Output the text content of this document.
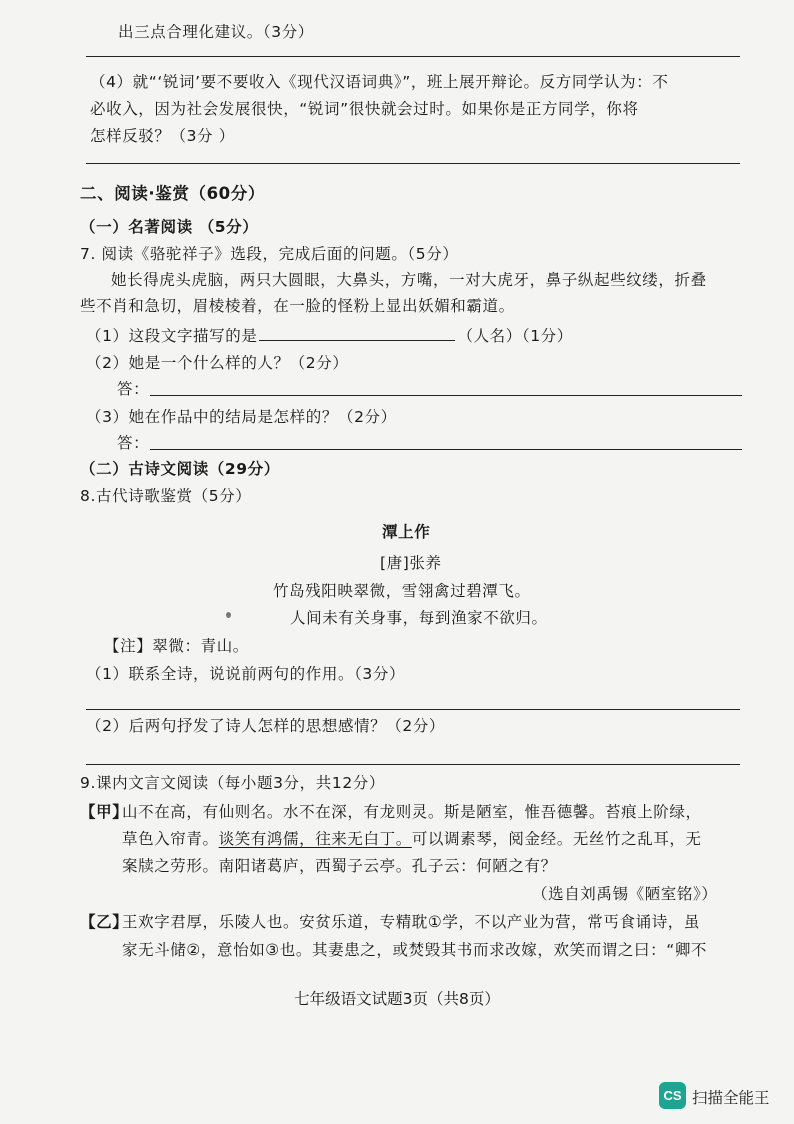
出三点合理化建议。（3分）
（4）就“‘锐词’要不要收入《现代汉语词典》”，班上展开辩论。反方同学认为：不
必收入，因为社会发展很快，“锐词”很快就会过时。如果你是正方同学，你将
怎样反驳？（3分 ）
二、阅读·鉴赏（60分）
（一）名著阅读 （5分）
7. 阅读《骆驼祥子》选段，完成后面的问题。（5分）
她长得虎头虎脑，两只大圆眼，大鼻头，方嘴，一对大虎牙，鼻子纵起些纹缕，折叠
些不肖和急切，眉棱棱着，在一脸的怪粉上显出妖媚和霸道。
（1）这段文字描写的是	（人名）（1分）
（2）她是一个什么样的人？（2分）
答：
（3）她在作品中的结局是怎样的？（2分）
答：
（二）古诗文阅读（29分）
8.古代诗歌鉴赏（5分）
潭上作
[唐]张养
竹岛残阳映翠微，雪翎禽过碧潭飞。
人间未有关身事，每到渔家不欲归。
【注】翠微：青山。
（1）联系全诗，说说前两句的作用。（3分）
（2）后两句抒发了诗人怎样的思想感情？（2分）
9.课内文言文阅读（每小题3分，共12分）
【甲】
山不在高，有仙则名。水不在深，有龙则灵。斯是陋室，惟吾德馨。苔痕上阶绿，
草色入帘青。谈笑有鸿儒，往来无白丁。可以调素琴，阅金经。无丝竹之乱耳，无
案牍之劳形。南阳诸葛庐，西蜀子云亭。孔子云：何陋之有？
（选自刘禹锡《陋室铭》）
【乙】
王欢字君厚，乐陵人也。安贫乐道，专精耽①学，不以产业为营，常丐食诵诗，虽
家无斗储②，意怡如③也。其妻患之，或焚毁其书而求改嫁，欢笑而谓之曰：“卿不
七年级语文试题3页（共8页）
CS 扫描全能王
